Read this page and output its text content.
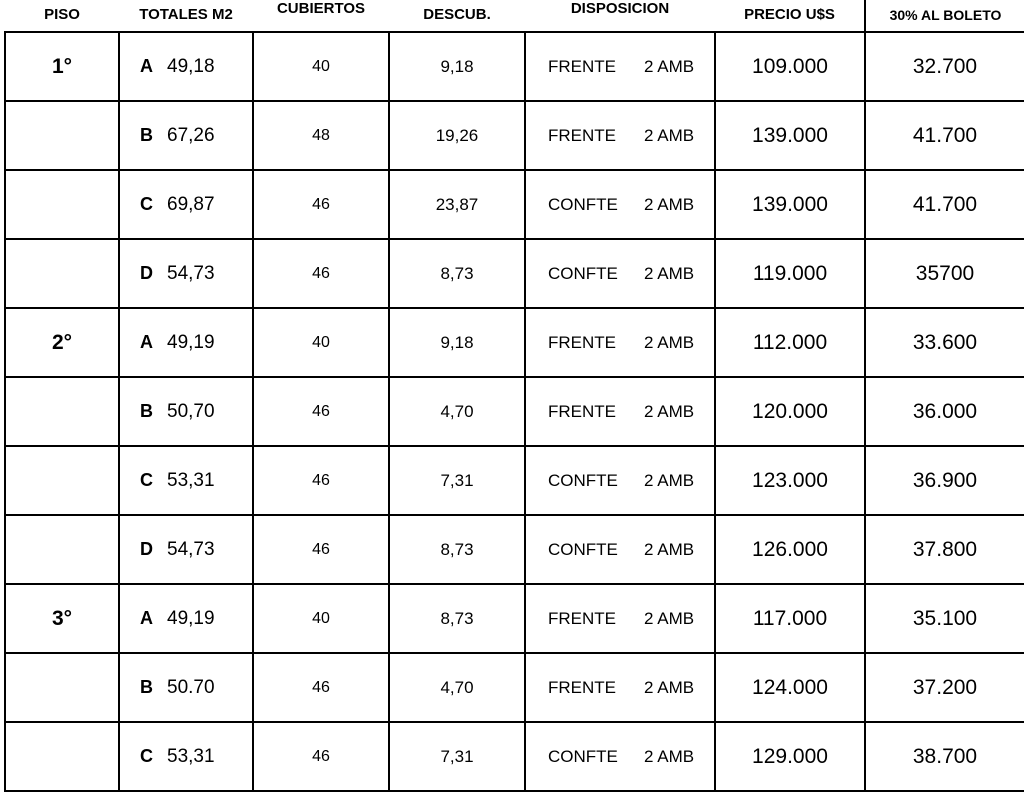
PISO	TOTALES M2	CUBIERTOS	DESCUB.	DISPOSICION	PRECIO U$S	30% AL BOLETO
1°	A 49,18	40	9,18	FRENTE 2 AMB	109.000	32.700
	B 67,26	48	19,26	FRENTE 2 AMB	139.000	41.700
	C 69,87	46	23,87	CONFTE 2 AMB	139.000	41.700
	D 54,73	46	8,73	CONFTE 2 AMB	119.000	35700
2°	A 49,19	40	9,18	FRENTE 2 AMB	112.000	33.600
	B 50,70	46	4,70	FRENTE 2 AMB	120.000	36.000
	C 53,31	46	7,31	CONFTE 2 AMB	123.000	36.900
	D 54,73	46	8,73	CONFTE 2 AMB	126.000	37.800
3°	A 49,19	40	8,73	FRENTE 2 AMB	117.000	35.100
	B 50.70	46	4,70	FRENTE 2 AMB	124.000	37.200
	C 53,31	46	7,31	CONFTE 2 AMB	129.000	38.700
